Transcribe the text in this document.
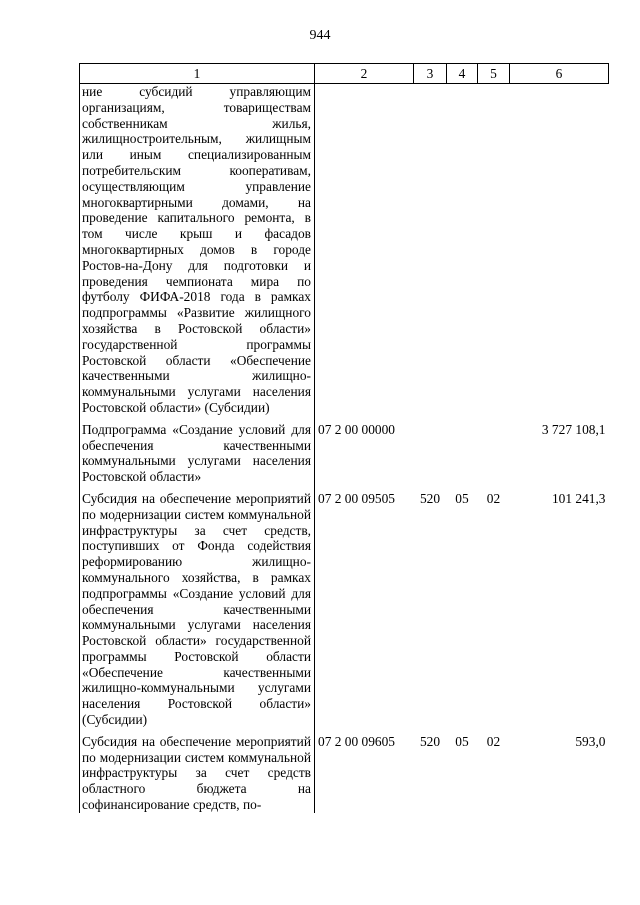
944
1	2	3	4	5	6
ние субсидий управляющим организациям, товариществам собственникам жилья, жилищностроительным, жилищным или иным специализированным потребительским кооперативам, осуществляющим управление многоквартирными домами, на проведение капитального ремонта, в том числе крыш и фасадов многоквартирных домов в городе Ростов-на-Дону для подготовки и проведения чемпионата мира по футболу ФИФА-2018 года в рамках подпрограммы «Развитие жилищного хозяйства в Ростовской области» государственной программы Ростовской области «Обеспечение качественными жилищно-коммунальными услугами населения Ростовской области» (Субсидии)					
Подпрограмма «Создание условий для обеспечения качественными коммунальными услугами населения Ростовской области»	07 2 00 00000				3 727 108,1
Субсидия на обеспечение мероприятий по модернизации систем коммунальной инфраструктуры за счет средств, поступивших от Фонда содействия реформированию жилищно-коммунального хозяйства, в рамках подпрограммы «Создание условий для обеспечения качественными коммунальными услугами населения Ростовской области» государственной программы Ростовской области «Обеспечение качественными жилищно-коммунальными услугами населения Ростовской области» (Субсидии)	07 2 00 09505	520	05	02	101 241,3
Субсидия на обеспечение мероприятий по модернизации систем коммунальной инфраструктуры за счет средств областного бюджета на софинансирование средств, по-	07 2 00 09605	520	05	02	593,0
